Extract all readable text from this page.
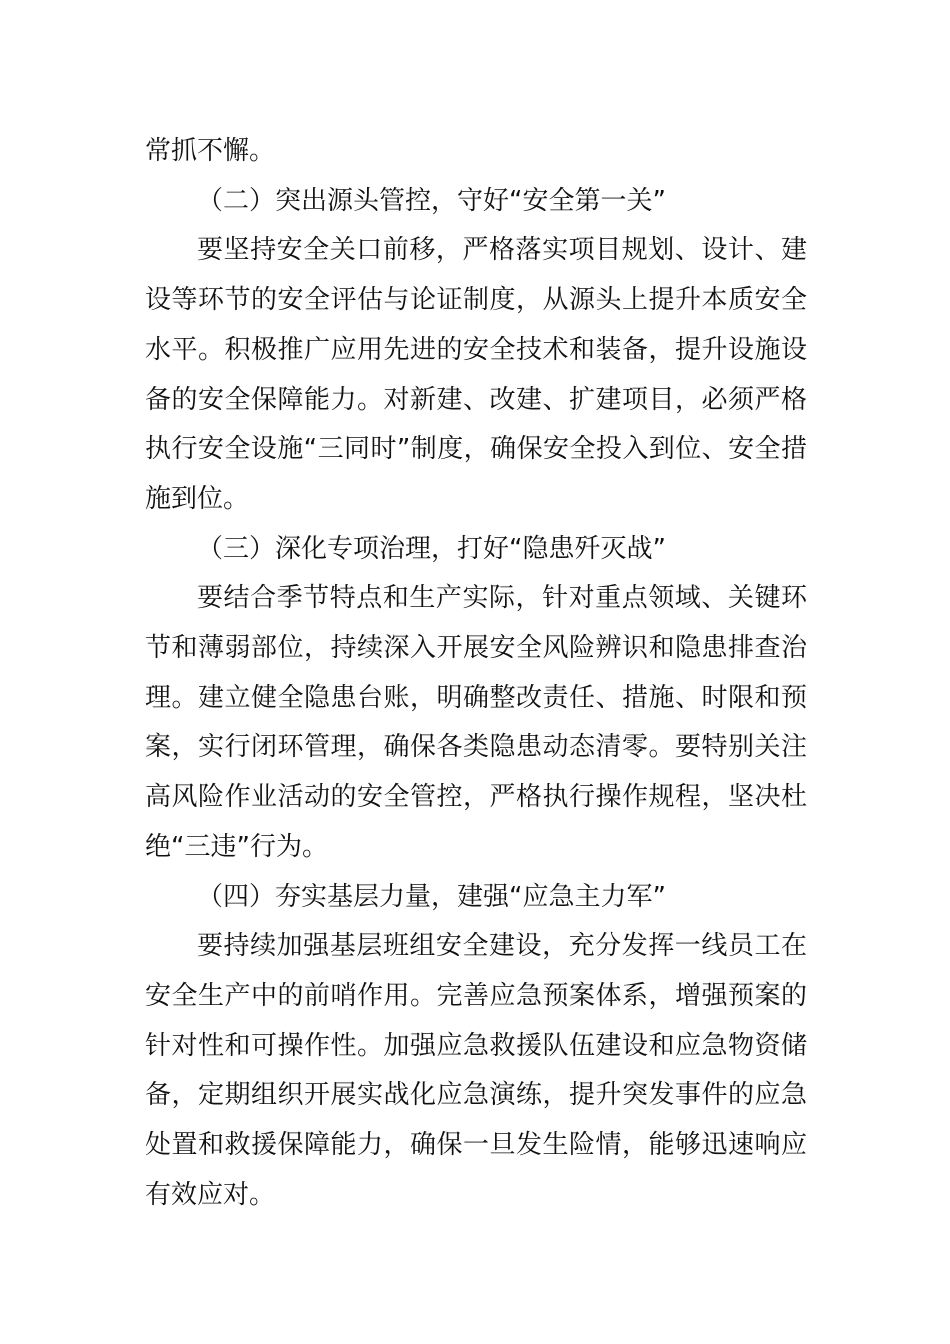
常抓不懈。

（二）突出源头管控，守好“安全第一关”

要坚持安全关口前移，严格落实项目规划、设计、建设等环节的安全评估与论证制度，从源头上提升本质安全水平。积极推广应用先进的安全技术和装备，提升设施设备的安全保障能力。对新建、改建、扩建项目，必须严格执行安全设施“三同时”制度，确保安全投入到位、安全措施到位。

（三）深化专项治理，打好“隐患歼灭战”

要结合季节特点和生产实际，针对重点领域、关键环节和薄弱部位，持续深入开展安全风险辨识和隐患排查治理。建立健全隐患台账，明确整改责任、措施、时限和预案，实行闭环管理，确保各类隐患动态清零。要特别关注高风险作业活动的安全管控，严格执行操作规程，坚决杜绝“三违”行为。

（四）夯实基层力量，建强“应急主力军”

要持续加强基层班组安全建设，充分发挥一线员工在安全生产中的前哨作用。完善应急预案体系，增强预案的针对性和可操作性。加强应急救援队伍建设和应急物资储备，定期组织开展实战化应急演练，提升突发事件的应急处置和救援保障能力，确保一旦发生险情，能够迅速响应有效应对。
